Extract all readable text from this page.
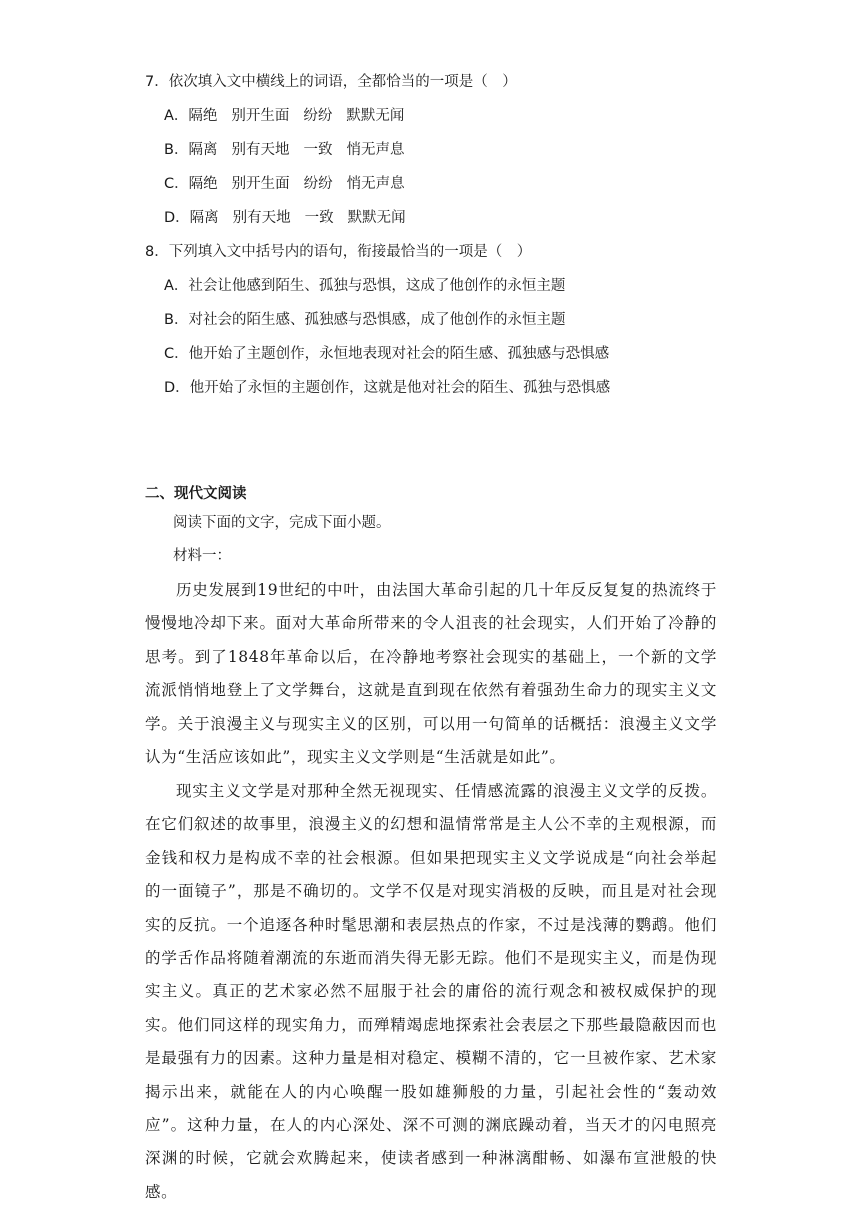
7．依次填入文中横线上的词语，全都恰当的一项是（　）
A．隔绝 别开生面 纷纷 默默无闻
B．隔离 别有天地 一致 悄无声息
C．隔绝 别开生面 纷纷 悄无声息
D．隔离 别有天地 一致 默默无闻
8．下列填入文中括号内的语句，衔接最恰当的一项是（　）
A．社会让他感到陌生、孤独与恐惧，这成了他创作的永恒主题
B．对社会的陌生感、孤独感与恐惧感，成了他创作的永恒主题
C．他开始了主题创作，永恒地表现对社会的陌生感、孤独感与恐惧感
D．他开始了永恒的主题创作，这就是他对社会的陌生、孤独与恐惧感
二、现代文阅读
阅读下面的文字，完成下面小题。
材料一：
历史发展到19世纪的中叶，由法国大革命引起的几十年反反复复的热流终于慢慢地冷却下来。面对大革命所带来的令人沮丧的社会现实，人们开始了冷静的思考。到了1848年革命以后，在冷静地考察社会现实的基础上，一个新的文学流派悄悄地登上了文学舞台，这就是直到现在依然有着强劲生命力的现实主义文学。关于浪漫主义与现实主义的区别，可以用一句简单的话概括：浪漫主义文学认为“生活应该如此”，现实主义文学则是“生活就是如此”。
现实主义文学是对那种全然无视现实、任情感流露的浪漫主义文学的反拨。在它们叙述的故事里，浪漫主义的幻想和温情常常是主人公不幸的主观根源，而金钱和权力是构成不幸的社会根源。但如果把现实主义文学说成是“向社会举起的一面镜子”，那是不确切的。文学不仅是对现实消极的反映，而且是对社会现实的反抗。一个追逐各种时髦思潮和表层热点的作家，不过是浅薄的鹦鹉。他们的学舌作品将随着潮流的东逝而消失得无影无踪。他们不是现实主义，而是伪现实主义。真正的艺术家必然不屈服于社会的庸俗的流行观念和被权威保护的现实。他们同这样的现实角力，而殚精竭虑地探索社会表层之下那些最隐蔽因而也是最强有力的因素。这种力量是相对稳定、模糊不清的，它一旦被作家、艺术家揭示出来，就能在人的内心唤醒一股如雄狮般的力量，引起社会性的“轰动效应”。这种力量，在人的内心深处、深不可测的渊底躁动着，当天才的闪电照亮深渊的时候，它就会欢腾起来，使读者感到一种淋漓酣畅、如瀑布宣泄般的快感。
